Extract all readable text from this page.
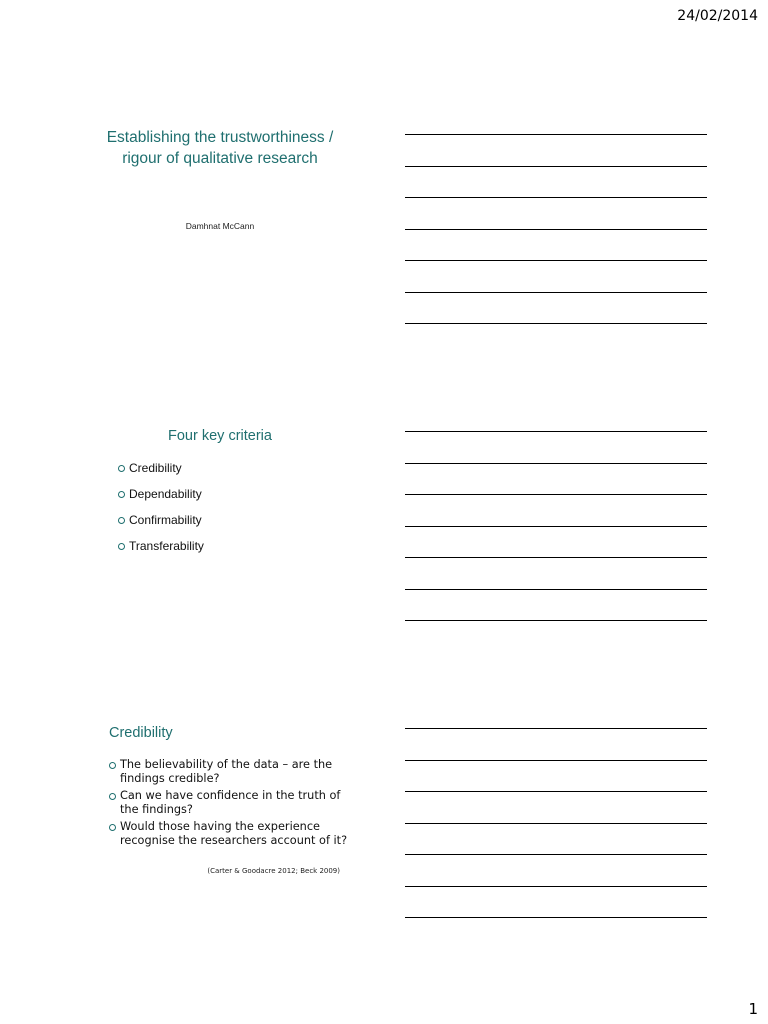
24/02/2014
Establishing the trustworthiness /
rigour of qualitative research
Damhnat McCann
Four key criteria
Credibility
Dependability
Confirmability
Transferability
Credibility
The believability of the data – are the findings credible?
Can we have confidence in the truth of the findings?
Would those having the experience recognise the researchers account of it?
(Carter & Goodacre 2012; Beck 2009)
1
